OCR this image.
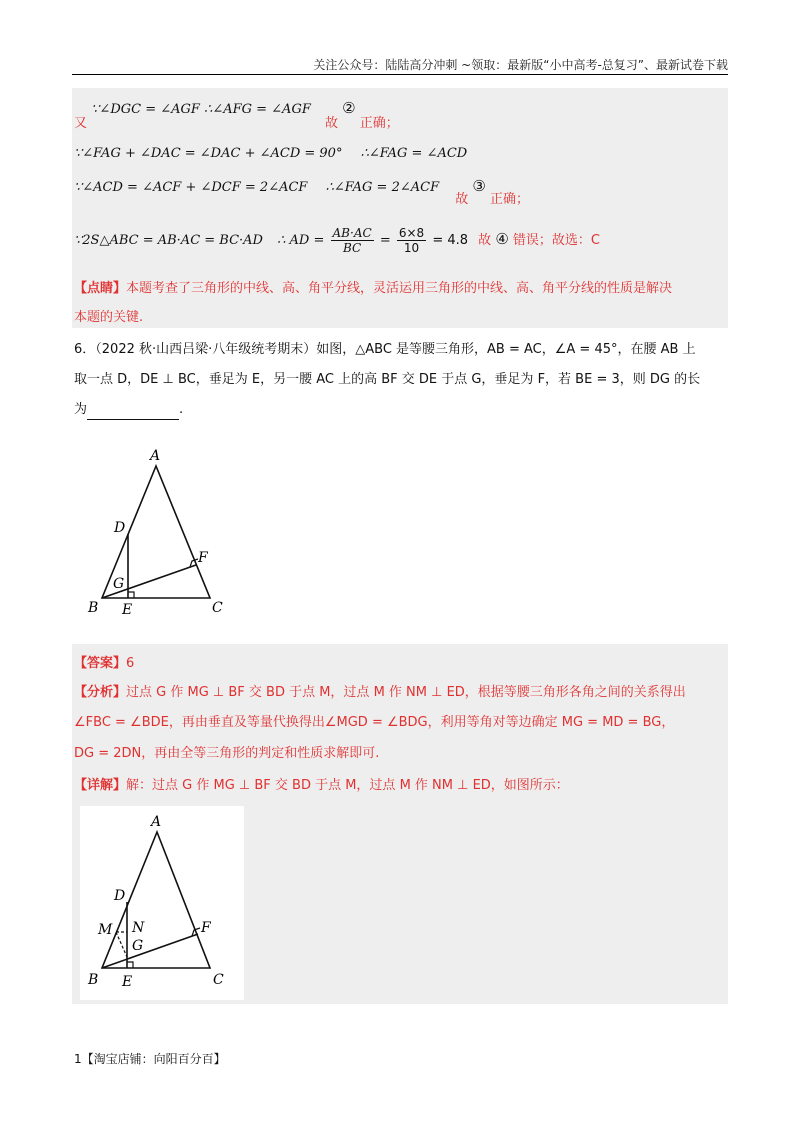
关注公众号：陆陆高分冲刺 ~领取：最新版“小中高考-总复习”、最新试卷下载
又 ∵∠DGC = ∠AGF ∴∠AFG = ∠AGF 故 ② 正确；
∵∠FAG + ∠DAC = ∠DAC + ∠ACD = 90° ∴∠FAG = ∠ACD
∵∠ACD = ∠ACF + ∠DCF = 2∠ACF ∴∠FAG = 2∠ACF 故 ③ 正确；
∵2S△ABC = AB·AC = BC·AD ∴ AD = $\frac{AB\cdot AC}{BC} = \frac{6\times 8}{10} = 4.8$ 故 ④ 错误；故选：C
【点睛】本题考查了三角形的中线、高、角平分线，灵活运用三角形的中线、高、角平分线的性质是解决
本题的关键.
6．（2022 秋·山西吕梁·八年级统考期末）如图，△ABC 是等腰三角形，AB = AC，∠A = 45°，在腰 AB 上
取一点 D，DE ⊥ BC，垂足为 E，另一腰 AC 上的高 BF 交 DE 于点 G，垂足为 F，若 BE = 3，则 DG 的长
为	.
A
D
F
G
B E	C
【答案】6
【分析】过点 G 作 MG ⊥ BF 交 BD 于点 M，过点 M 作 NM ⊥ ED，根据等腰三角形各角之间的关系得出
∠FBC = ∠BDE，再由垂直及等量代换得出∠MGD = ∠BDG，利用等角对等边确定 MG = MD = BG，
DG = 2DN，再由全等三角形的判定和性质求解即可.
【详解】解：过点 G 作 MG ⊥ BF 交 BD 于点 M，过点 M 作 NM ⊥ ED，如图所示：
A
D
M N	F
G
B E	C
1【淘宝店铺：向阳百分百】
